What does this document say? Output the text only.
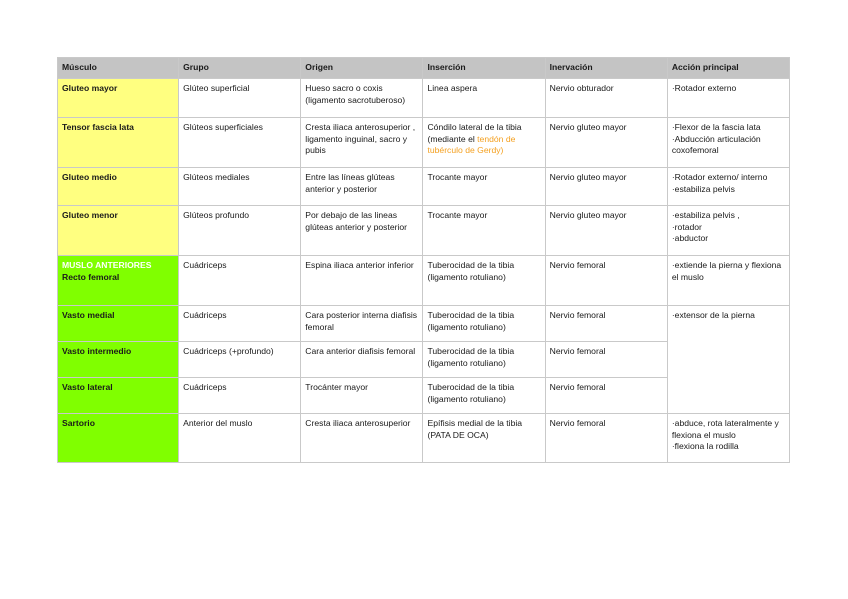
Músculo	Grupo	Origen	Inserción	Inervación	Acción principal
Gluteo mayor	Glúteo superficial	Hueso sacro o coxis (ligamento sacrotuberoso)	Linea aspera	Nervio obturador	·Rotador externo
Tensor fascia lata	Glúteos superficiales	Cresta iliaca anterosuperior , ligamento inguinal, sacro y pubis	Cóndilo lateral de la tibia (mediante el tendón de tubérculo de Gerdy)	Nervio gluteo mayor	·Flexor de la fascia lata
·Abducción articulación coxofemoral

Gluteo medio	Glúteos mediales	Entre las líneas glúteas anterior y posterior	Trocante mayor	Nervio gluteo mayor	·Rotador externo/ interno
·estabiliza pelvis

Gluteo menor	Glúteos profundo	Por debajo de las lineas glúteas anterior y posterior	Trocante mayor	Nervio gluteo mayor	·estabiliza pelvis ,
·rotador
·abductor

MUSLO ANTERIORES
Recto femoral	Cuádriceps	Espina iliaca anterior inferior	Tuberocidad de la tibia (ligamento rotuliano)	Nervio femoral	·extiende la pierna y flexiona el muslo

Vasto medial	Cuádriceps	Cara posterior interna diafisis femoral	Tuberocidad de la tibia (ligamento rotuliano)	Nervio femoral	·extensor de la pierna

Vasto intermedio	Cuádriceps (+profundo)	Cara anterior diafisis femoral	Tuberocidad de la tibia (ligamento rotuliano)	Nervio femoral	
Vasto lateral	Cuádriceps	Trocánter mayor	Tuberocidad de la tibia (ligamento rotuliano)	Nervio femoral	
Sartorio	Anterior del muslo	Cresta iliaca anterosuperior	Epífisis medial de la tibia (PATA DE OCA)	Nervio femoral	·abduce, rota lateralmente y flexiona el muslo
·flexiona la rodilla
